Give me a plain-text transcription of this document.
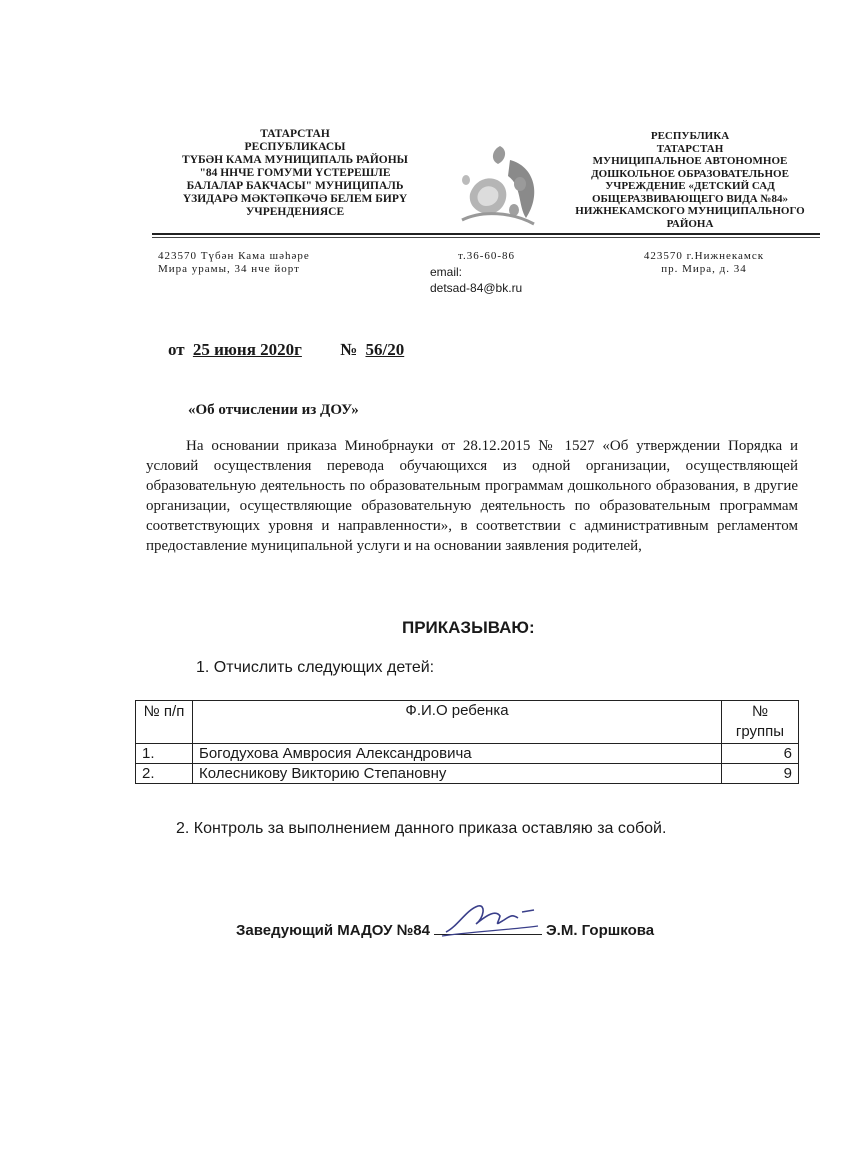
ТАТАРСТАН
РЕСПУБЛИКАСЫ
ТҮБӘН КАМА МУНИЦИПАЛЬ РАЙОНЫ
"84 ННЧЕ ГОМУМИ ҮСТЕРЕШЛЕ
БАЛАЛАР БАКЧАСЫ" МУНИЦИПАЛЬ
ҮЗИДАРӘ МӘКТӘПКӘЧӘ БЕЛЕМ БИРҮ
УЧРЕНДЕНИЯСЕ
РЕСПУБЛИКА
ТАТАРСТАН
МУНИЦИПАЛЬНОЕ АВТОНОМНОЕ
ДОШКОЛЬНОЕ ОБРАЗОВАТЕЛЬНОЕ
УЧРЕЖДЕНИЕ «ДЕТСКИЙ САД
ОБЩЕРАЗВИВАЮЩЕГО ВИДА №84»
НИЖНЕКАМСКОГО МУНИЦИПАЛЬНОГО
РАЙОНА
423570 Түбән Кама шәһәре
Мира урамы, 34 нче йорт
т.36-60-86
email:
detsad-84@bk.ru
423570 г.Нижнекамск
пр. Мира, д. 34
от 25 июня 2020г № 56/20
«Об отчислении из ДОУ»
На основании приказа Минобрнауки от 28.12.2015 № 1527 «Об утверждении Порядка и условий осуществления перевода обучающихся из одной организации, осуществляющей образовательную деятельность по образовательным программам дошкольного образования, в другие организации, осуществляющие образовательную деятельность по образовательным программам соответствующих уровня и направленности», в соответствии с административным регламентом предоставление муниципальной услуги и на основании заявления родителей,
ПРИКАЗЫВАЮ:
1. Отчислить следующих детей:
№ п/п	Ф.И.О ребенка	№ группы
1.	Богодухова Амвросия Александровича	6
2.	Колесникову Викторию Степановну	9
2. Контроль за выполнением данного приказа оставляю за собой.
Заведующий МАДОУ №84	Э.М. Горшкова
